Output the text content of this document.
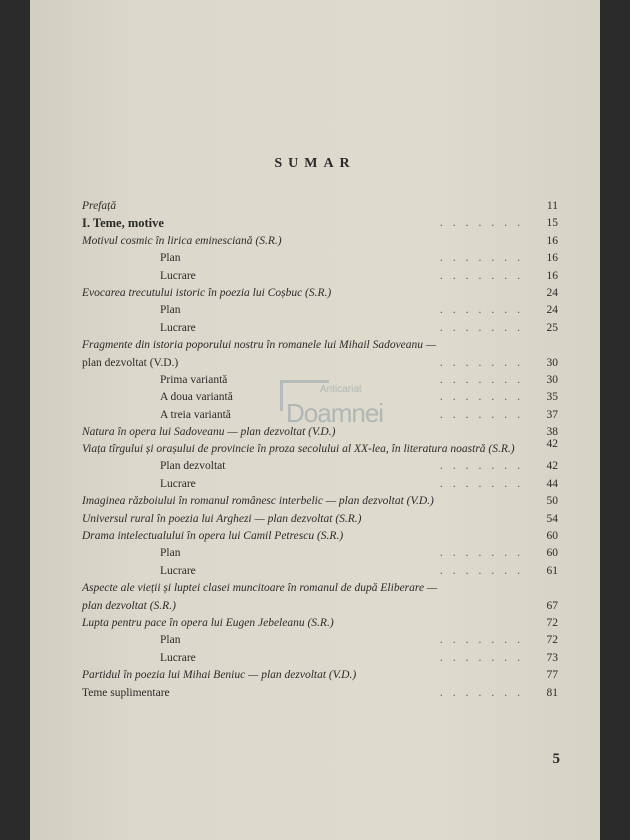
SUMAR
Prefață	11
I. Teme, motive	15
.......
Motivul cosmic în lirica eminesciană (S.R.)	16
Plan	16
.......
Lucrare	16
.......
Evocarea trecutului istoric în poezia lui Coșbuc (S.R.)	24
Plan	24
.......
Lucrare	25
.......
Fragmente din istoria poporului nostru în romanele lui Mihail Sadoveanu —
plan dezvoltat (V.D.)	30
.......
Prima variantă	30
.......
A doua variantă	35
.......
A treia variantă	37
.......
Natura în opera lui Sadoveanu — plan dezvoltat (V.D.)	38
Viața tîrgului și orașului de provincie în proza secolului al XX-lea, în literatura noastră (S.R.)	42
Plan dezvoltat	42
.......
Lucrare	44
.......
Imaginea războiului în romanul românesc interbelic — plan dezvoltat (V.D.)	50
Universul rural în poezia lui Arghezi — plan dezvoltat (S.R.)	54
Drama intelectualului în opera lui Camil Petrescu (S.R.)	60
Plan	60
.......
Lucrare	61
.......
Aspecte ale vieții și luptei clasei muncitoare în romanul de după Eliberare —
plan dezvoltat (S.R.)	67
Lupta pentru pace în opera lui Eugen Jebeleanu (S.R.)	72
Plan	72
.......
Lucrare	73
.......
Partidul în poezia lui Mihai Beniuc — plan dezvoltat (V.D.)	77
Teme suplimentare	81
.......
Anticariat
Doamnei
5
